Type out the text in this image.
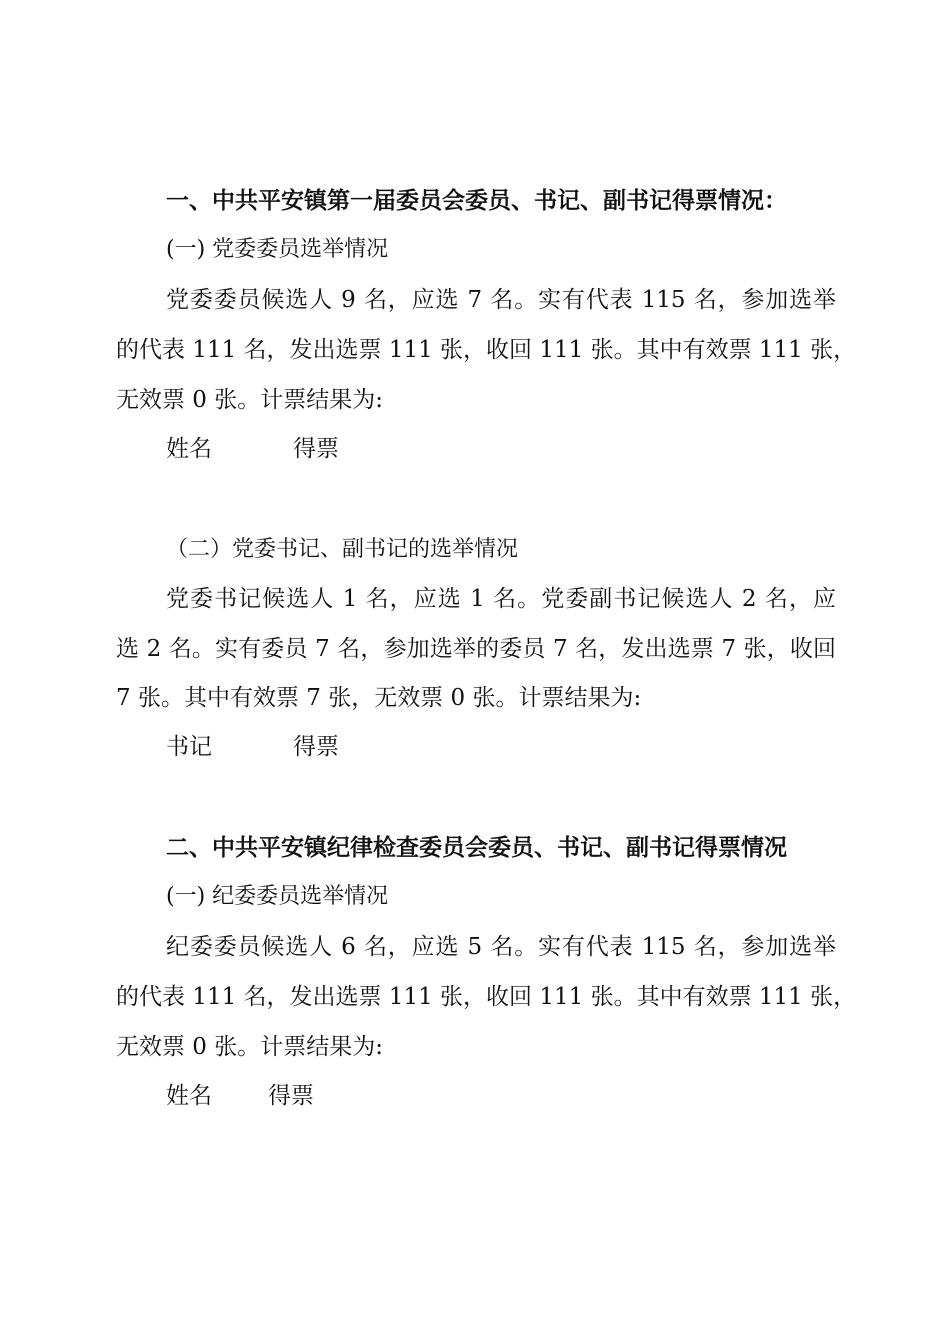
一、中共平安镇第一届委员会委员、书记、副书记得票情况：
(一) 党委委员选举情况
党委委员候选人 9 名，应选 7 名。实有代表 115 名，参加选举
的代表 111 名，发出选票 111 张，收回 111 张。其中有效票 111 张，
无效票 0 张。计票结果为:
姓名	得票
（二）党委书记、副书记的选举情况
党委书记候选人 1 名，应选 1 名。党委副书记候选人 2 名，应
选 2 名。实有委员 7 名，参加选举的委员 7 名，发出选票 7 张，收回
7 张。其中有效票 7 张，无效票 0 张。计票结果为:
书记	得票
二、中共平安镇纪律检查委员会委员、书记、副书记得票情况
(一) 纪委委员选举情况
纪委委员候选人 6 名，应选 5 名。实有代表 115 名，参加选举
的代表 111 名，发出选票 111 张，收回 111 张。其中有效票 111 张，
无效票 0 张。计票结果为:
姓名 得票
